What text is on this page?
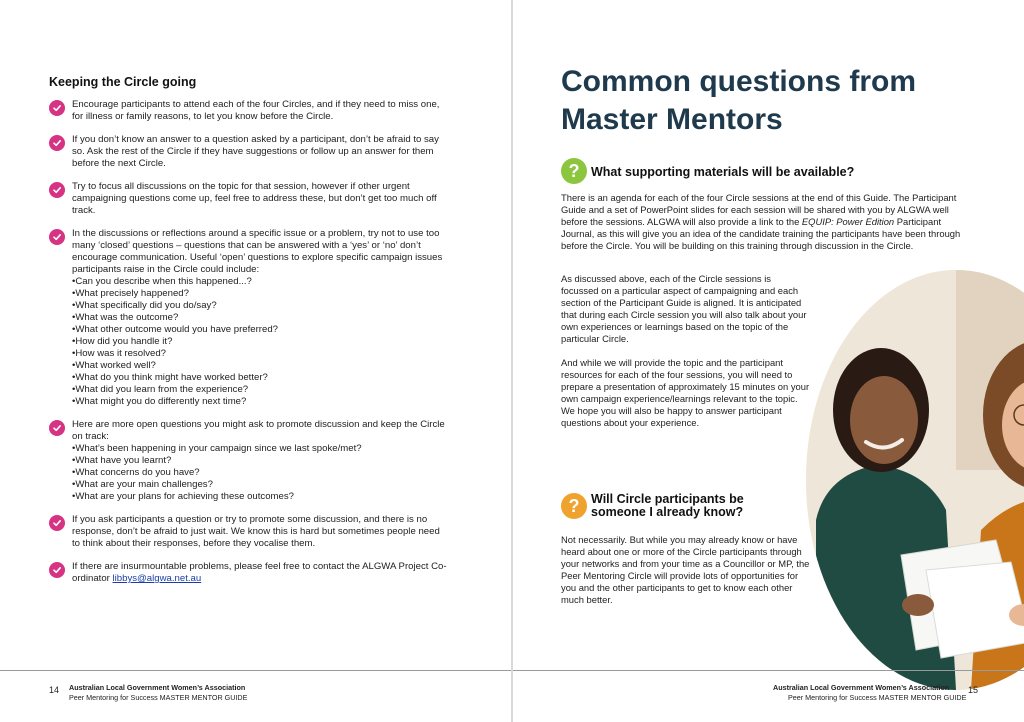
Keeping the Circle going
Encourage participants to attend each of the four Circles, and if they need to miss one, for illness or family reasons, to let you know before the Circle.
If you don’t know an answer to a question asked by a participant, don’t be afraid to say so. Ask the rest of the Circle if they have suggestions or follow up an answer for them before the next Circle.
Try to focus all discussions on the topic for that session, however if other urgent campaigning questions come up, feel free to address these, but don’t get too much off track.
In the discussions or reflections around a specific issue or a problem, try not to use too many ‘closed’ questions – questions that can be answered with a ‘yes’ or ‘no’ don’t encourage communication. Useful ‘open’ questions to explore specific campaign issues participants raise in the Circle could include:
• Can you describe when this happened...?
• What precisely happened?
• What specifically did you do/say?
• What was the outcome?
• What other outcome would you have preferred?
• How did you handle it?
• How was it resolved?
• What worked well?
• What do you think might have worked better?
• What did you learn from the experience?
• What might you do differently next time?
Here are more open questions you might ask to promote discussion and keep the Circle on track:
• What’s been happening in your campaign since we last spoke/met?
• What have you learnt?
• What concerns do you have?
• What are your main challenges?
• What are your plans for achieving these outcomes?
If you ask participants a question or try to promote some discussion, and there is no response, don’t be afraid to just wait. We know this is hard but sometimes people need to think about their responses, before they vocalise them.
If there are insurmountable problems, please feel free to contact the ALGWA Project Co-ordinator libbys@algwa.net.au
14 Australian Local Government Women’s Association
Peer Mentoring for Success MASTER MENTOR GUIDE
Common questions from Master Mentors
? What supporting materials will be available?

There is an agenda for each of the four Circle sessions at the end of this Guide. The Participant Guide and a set of PowerPoint slides for each session will be shared with you by ALGWA well before the sessions. ALGWA will also provide a link to the EQUIP: Power Edition Participant Journal, as this will give you an idea of the candidate training the participants have been through before the Circle. You will be building on this training through discussion in the Circle.

As discussed above, each of the Circle sessions is focussed on a particular aspect of campaigning and each section of the Participant Guide is aligned. It is anticipated that during each Circle session you will also talk about your own experiences or learnings based on the topic of the particular Circle.

And while we will provide the topic and the participant resources for each of the four sessions, you will need to prepare a presentation of approximately 15 minutes on your own campaign experience/learnings relevant to the topic. We hope you will also be happy to answer participant questions about your experience.

? Will Circle participants be someone I already know?

Not necessarily. But while you may already know or have heard about one or more of the Circle participants through your networks and from your time as a Councillor or MP, the Peer Mentoring Circle will provide lots of opportunities for you and the other participants to get to know each other much better.

Australian Local Government Women’s Association
Peer Mentoring for Success MASTER MENTOR GUIDE
15
